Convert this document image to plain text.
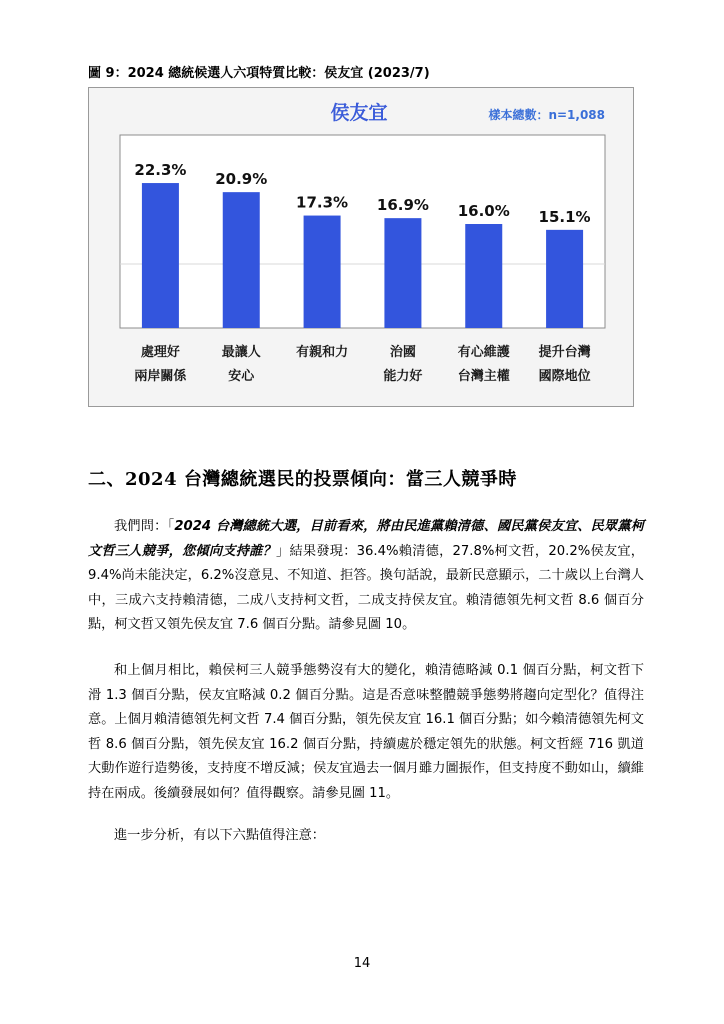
圖 9：2024 總統候選人六項特質比較：侯友宜 (2023/7)
侯友宜	樣本總數：n=1,088
22.3%
20.9%
17.3% 16.9% 16.0% 15.1%
處理好
兩岸關係
最讓人
安心
有親和力	治國
能力好
有心維護
台灣主權
提升台灣
國際地位
二、2024 台灣總統選民的投票傾向：當三人競爭時

我們問：「2024 台灣總統大選，目前看來，將由民進黨賴清德、國民黨侯友宜、民眾黨柯文哲三人競爭，您傾向支持誰？」結果發現：36.4%賴清德，27.8%柯文哲，20.2%侯友宜，9.4%尚未能決定，6.2%沒意見、不知道、拒答。換句話說，最新民意顯示，二十歲以上台灣人中，三成六支持賴清德，二成八支持柯文哲，二成支持侯友宜。賴清德領先柯文哲 8.6 個百分點，柯文哲又領先侯友宜 7.6 個百分點。請參見圖 10。

和上個月相比，賴侯柯三人競爭態勢沒有大的變化，賴清德略減 0.1 個百分點，柯文哲下滑 1.3 個百分點，侯友宜略減 0.2 個百分點。這是否意味整體競爭態勢將趨向定型化？值得注意。上個月賴清德領先柯文哲 7.4 個百分點，領先侯友宜 16.1 個百分點；如今賴清德領先柯文哲 8.6 個百分點，領先侯友宜 16.2 個百分點，持續處於穩定領先的狀態。柯文哲經 716 凱道大動作遊行造勢後，支持度不增反減；侯友宜過去一個月雖力圖振作，但支持度不動如山，續維持在兩成。後續發展如何？值得觀察。請參見圖 11。

進一步分析，有以下六點值得注意：

14
